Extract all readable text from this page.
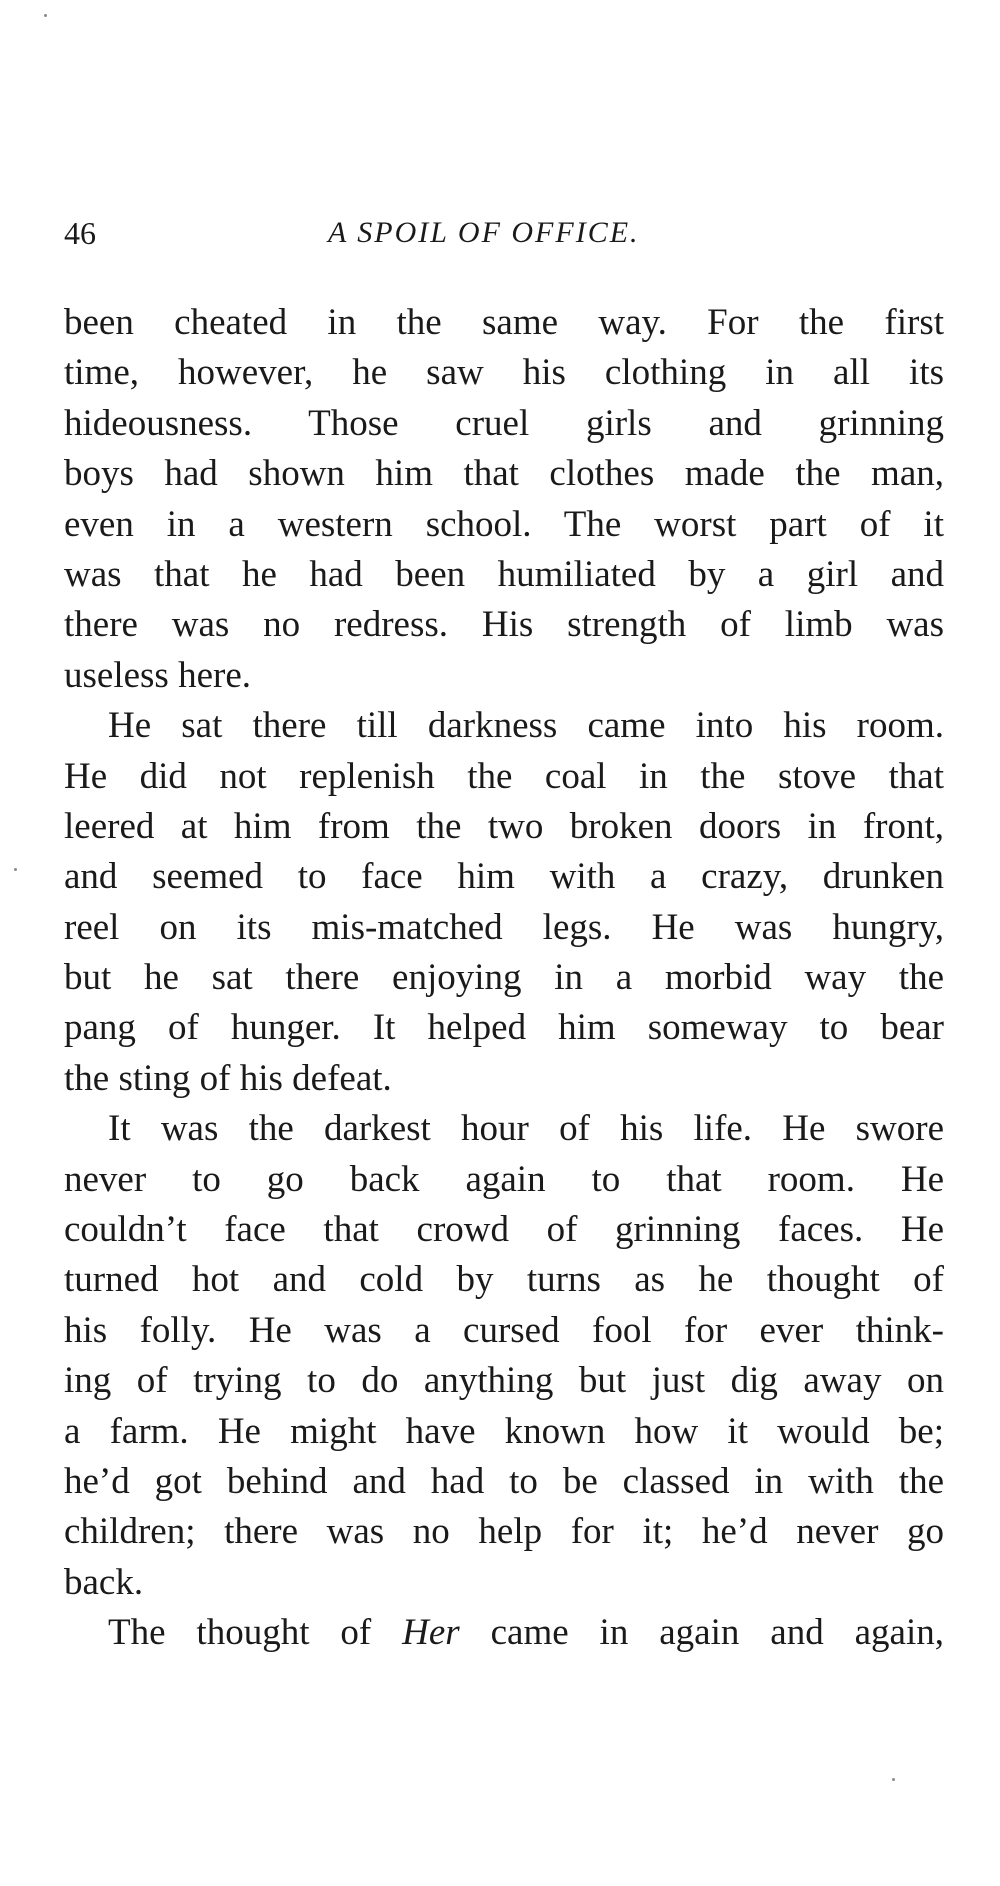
46	A SPOIL OF OFFICE.
been cheated in the same way. For the first
time, however, he saw his clothing in all its
hideousness. Those cruel girls and grinning
boys had shown him that clothes made the man,
even in a western school. The worst part of it
was that he had been humiliated by a girl and
there was no redress. His strength of limb was
useless here.
He sat there till darkness came into his room.
He did not replenish the coal in the stove that
leered at him from the two broken doors in front,
and seemed to face him with a crazy, drunken
reel on its mis-matched legs. He was hungry,
but he sat there enjoying in a morbid way the
pang of hunger. It helped him someway to bear
the sting of his defeat.
It was the darkest hour of his life. He swore
never to go back again to that room. He
couldn’t face that crowd of grinning faces. He
turned hot and cold by turns as he thought of
his folly. He was a cursed fool for ever think-
ing of trying to do anything but just dig away on
a farm. He might have known how it would be;
he’d got behind and had to be classed in with the
children; there was no help for it; he’d never go
back.
The thought of Her came in again and again,
